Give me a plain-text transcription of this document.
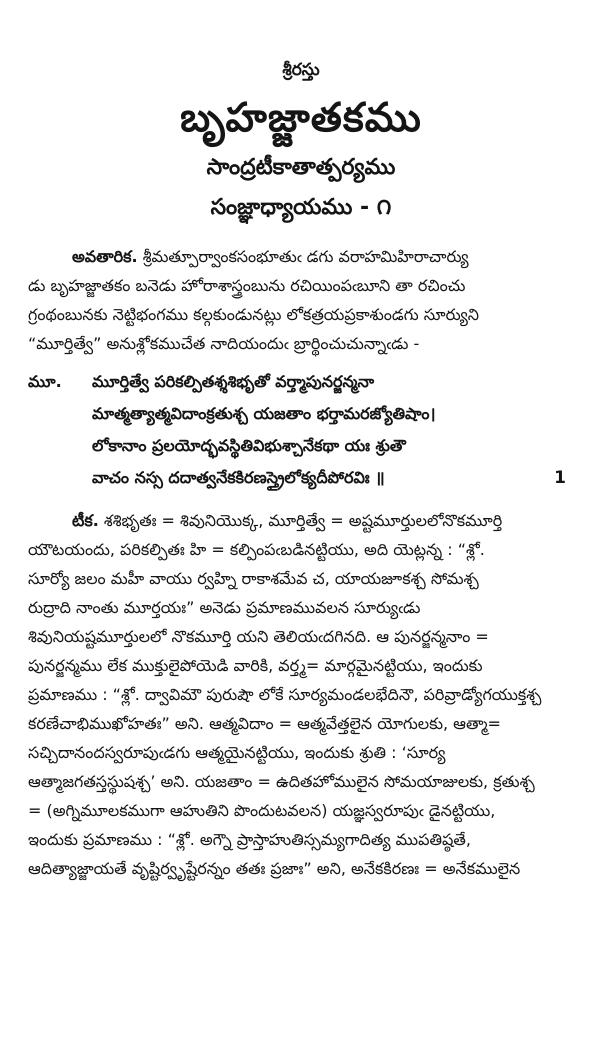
శ్రీరస్తు
బృహజ్జాతకము
సాంద్రటీకాతాత్పర్యము
సంజ్ఞాధ్యాయము - ౧
అవతారిక. శ్రీమత్పూర్వాంకసంభూతుఁ డగు వరాహమిహిరాచార్యు
డు బృహజ్జాతకం బనెడు హోరాశాస్త్రంబును రచియింపఁబూని తా రచించు
గ్రంథంబునకు నెట్టిభంగము కల్గకుండునట్లు లోకత్రయప్రకాశుండగు సూర్యుని
“మూర్తిత్వే” అనుశ్లోకముచేత నాదియందుఁ బ్రార్థించుచున్నాఁడు -
మూ. మూర్తిత్వే పరికల్పితశ్శశిభృతో వర్త్మాపునర్జన్మనా
మాత్మత్యాత్మవిదాంక్రతుశ్చ యజతాం భర్తామరజ్యోతిషాం।
లోకానాం ప్రలయోద్భవస్థితివిభుశ్చానేకథా యః శ్రుతౌ
వాచం నస్స దదాత్వనేకకిరణస్త్రైలోక్యదీపోరవిః ॥	1
టీక. శశిభృతః = శివునియొక్క, మూర్తిత్వే = అష్టమూర్తులలోనొకమూర్తి
యౌటయందు, పరికల్పితః హి = కల్పింపఁబడినట్టియు, అది యెట్లన్న : “శ్లో.
సూర్యో జలం మహీ వాయు ర్వహ్ని రాకాశమేవ చ, యాయజూకశ్చ సోమశ్చ
రుద్రాది నాంతు మూర్తయః” అనెడు ప్రమాణమువలన సూర్యుఁడు
శివునియష్టమూర్తులలో నొకమూర్తి యని తెలియఁదగినది. ఆ పునర్జన్మనాం =
పునర్జన్మము లేక ముక్తులైపోయెడి వారికి, వర్త్మ= మార్గమైనట్టియు, ఇందుకు
ప్రమాణము : “శ్లో. ద్వావిమౌ పురుషౌ లోకే సూర్యమండలభేదినౌ, పరివ్రాడ్యోగయుక్తశ్చ
కరణేచాభిముఖోహతః” అని. ఆత్మవిదాం = ఆత్మవేత్తలైన యోగులకు, ఆత్మా=
సచ్చిదానందస్వరూపుఁడగు ఆత్మయైనట్టియు, ఇందుకు శ్రుతి : ‘సూర్య
ఆత్మాజగతస్తస్థుషశ్చ’ అని. యజతాం = ఉదితహోములైన సోమయాజులకు, క్రతుశ్చ
= (అగ్నిమూలకముగా ఆహుతిని పొందుటవలన) యజ్ఞస్వరూపుఁ డైనట్టియు,
ఇందుకు ప్రమాణము : “శ్లో. అగ్నౌ ప్రాస్తాహుతిస్సమ్యగాదిత్య ముపతిష్ఠతే,
ఆదిత్యాజ్జాయతే వృష్టిర్వృష్టేరన్నం తతః ప్రజాః” అని, అనేకకిరణః = అనేకములైన
